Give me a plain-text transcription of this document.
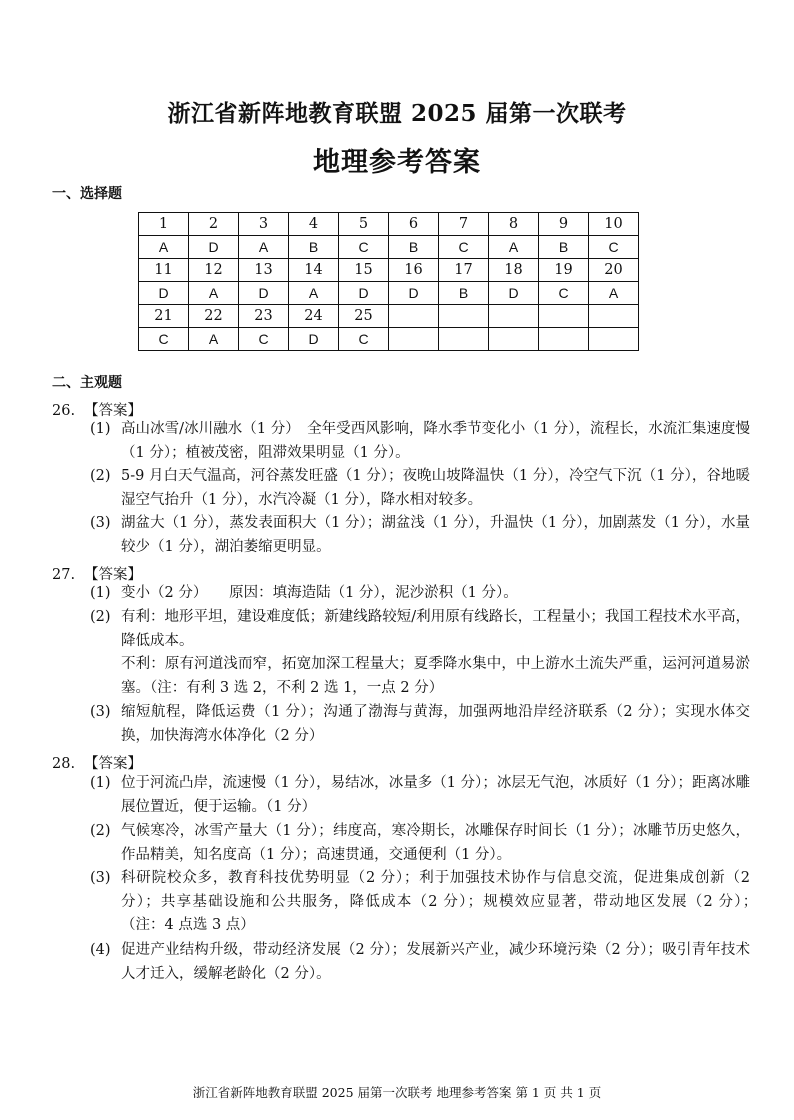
浙江省新阵地教育联盟 2025 届第一次联考
地理参考答案
一、选择题
1	2	3	4	5	6	7	8	9	10
A	D	A	B	C	B	C	A	B	C
11	12	13	14	15	16	17	18	19	20
D	A	D	A	D	D	B	D	C	A
21	22	23	24	25					
C	A	C	D	C					
二、主观题
26. 【答案】
(1) 高山冰雪/冰川融水（1 分）　全年受西风影响，降水季节变化小（1 分），流程长，水流汇集速度慢（1 分）；植被茂密，阻滞效果明显（1 分）。
(2) 5-9 月白天气温高，河谷蒸发旺盛（1 分）；夜晚山坡降温快（1 分），冷空气下沉（1 分），谷地暖湿空气抬升（1 分），水汽冷凝（1 分），降水相对较多。
(3) 湖盆大（1 分），蒸发表面积大（1 分）；湖盆浅（1 分），升温快（1 分），加剧蒸发（1 分），水量较少（1 分），湖泊萎缩更明显。
27. 【答案】
(1) 变小（2 分）　　原因：填海造陆（1 分），泥沙淤积（1 分）。
(2) 有利：地形平坦，建设难度低；新建线路较短/利用原有线路长，工程量小；我国工程技术水平高，降低成本。
不利：原有河道浅而窄，拓宽加深工程量大；夏季降水集中，中上游水土流失严重，运河河道易淤塞。（注：有利 3 选 2，不利 2 选 1，一点 2 分）
(3) 缩短航程，降低运费（1 分）；沟通了渤海与黄海，加强两地沿岸经济联系（2 分）；实现水体交换，加快海湾水体净化（2 分）
28. 【答案】
(1) 位于河流凸岸，流速慢（1 分），易结冰，冰量多（1 分）；冰层无气泡，冰质好（1 分）；距离冰雕展位置近，便于运输。（1 分）
(2) 气候寒冷，冰雪产量大（1 分）；纬度高，寒冷期长，冰雕保存时间长（1 分）；冰雕节历史悠久，作品精美，知名度高（1 分）；高速贯通，交通便利（1 分）。
(3) 科研院校众多，教育科技优势明显（2 分）；利于加强技术协作与信息交流，促进集成创新（2 分）；共享基础设施和公共服务，降低成本（2 分）；规模效应显著，带动地区发展（2 分）；　（注：4 点选 3 点）
(4) 促进产业结构升级，带动经济发展（2 分）；发展新兴产业，减少环境污染（2 分）；吸引青年技术人才迁入，缓解老龄化（2 分）。
浙江省新阵地教育联盟 2025 届第一次联考 地理参考答案 第 1 页 共 1 页
